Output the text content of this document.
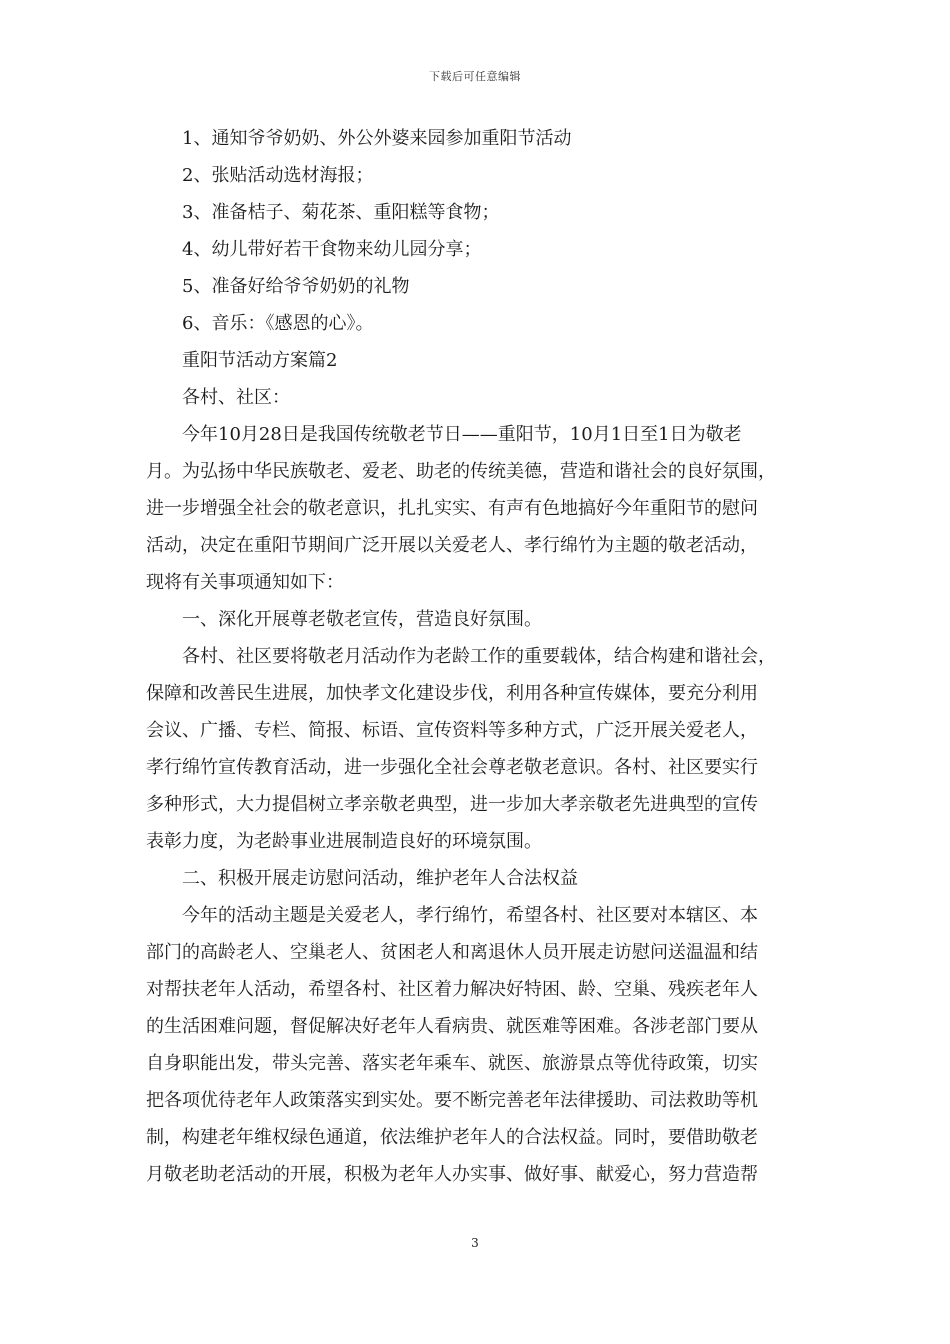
下载后可任意编辑
1、通知爷爷奶奶、外公外婆来园参加重阳节活动
2、张贴活动选材海报；
3、准备桔子、菊花茶、重阳糕等食物；
4、幼儿带好若干食物来幼儿园分享；
5、准备好给爷爷奶奶的礼物
6、音乐：《感恩的心》。
重阳节活动方案篇2
各村、社区：
今年10月28日是我国传统敬老节日——重阳节，10月1日至1日为敬老
月。为弘扬中华民族敬老、爱老、助老的传统美德，营造和谐社会的良好氛围，
进一步增强全社会的敬老意识，扎扎实实、有声有色地搞好今年重阳节的慰问
活动，决定在重阳节期间广泛开展以关爱老人、孝行绵竹为主题的敬老活动，
现将有关事项通知如下：
一、深化开展尊老敬老宣传，营造良好氛围。
各村、社区要将敬老月活动作为老龄工作的重要载体，结合构建和谐社会，
保障和改善民生进展，加快孝文化建设步伐，利用各种宣传媒体，要充分利用
会议、广播、专栏、简报、标语、宣传资料等多种方式，广泛开展关爱老人，
孝行绵竹宣传教育活动，进一步强化全社会尊老敬老意识。各村、社区要实行
多种形式，大力提倡树立孝亲敬老典型，进一步加大孝亲敬老先进典型的宣传
表彰力度，为老龄事业进展制造良好的环境氛围。
二、积极开展走访慰问活动，维护老年人合法权益
今年的活动主题是关爱老人，孝行绵竹，希望各村、社区要对本辖区、本
部门的高龄老人、空巢老人、贫困老人和离退休人员开展走访慰问送温温和结
对帮扶老年人活动，希望各村、社区着力解决好特困、龄、空巢、残疾老年人
的生活困难问题，督促解决好老年人看病贵、就医难等困难。各涉老部门要从
自身职能出发，带头完善、落实老年乘车、就医、旅游景点等优待政策，切实
把各项优待老年人政策落实到实处。要不断完善老年法律援助、司法救助等机
制，构建老年维权绿色通道，依法维护老年人的合法权益。同时，要借助敬老
月敬老助老活动的开展，积极为老年人办实事、做好事、献爱心，努力营造帮
3
